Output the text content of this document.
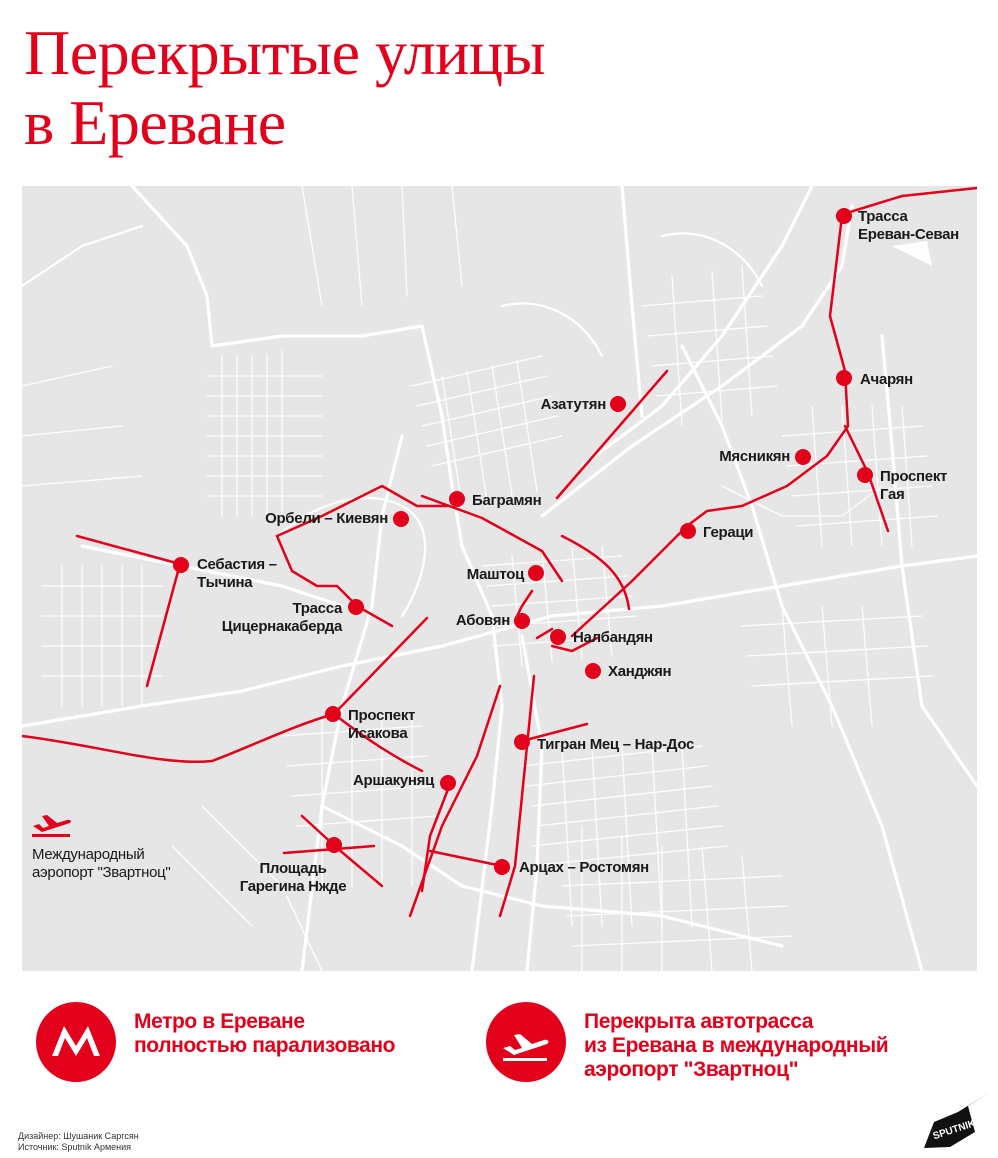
Перекрытые улицы
в Ереване
Международный
аэропорт "Звартноц"
Трасса
Ереван-Севан
Ачарян
Азатутян
Мясникян
Проспект
Гая
Баграмян
Орбели – Киевян
Гераци
Себастия –
Тычина	Маштоц
Трасса
Цицернакаберда	Абовян
Налбандян
Ханджян
Проспект
Исакова
Тигран Мец – Нар-Дос
Аршакуняц
Площадь
Гарегина Нжде
Арцах – Ростомян
Метро в Ереване
полностью парализовано
Перекрыта автотрасса
из Еревана в международный
аэропорт "Звартноц"
Дизайнер: Шушаник Саргсян
Источник: Sputnik Армения
SPUTNIK
